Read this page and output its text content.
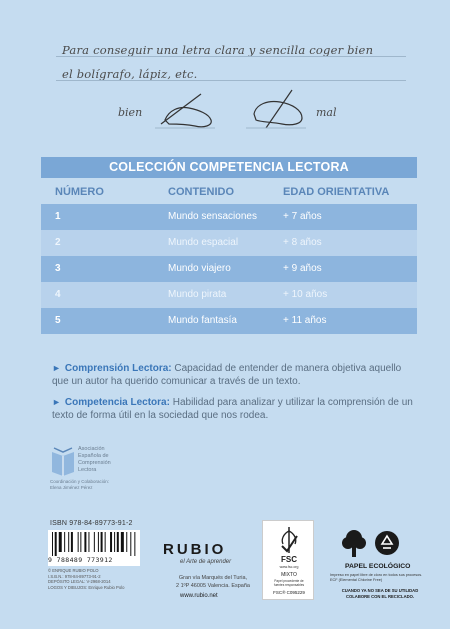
Para conseguir una letra clara y sencilla coger bien
el bolígrafo, lápiz, etc.
bien	mal
COLECCIÓN COMPETENCIA LECTORA
NÚMERO	CONTENIDO	EDAD ORIENTATIVA
1	Mundo sensaciones	+ 7 años
2	Mundo espacial	+ 8 años
3	Mundo viajero	+ 9 años
4	Mundo pirata	+ 10 años
5	Mundo fantasía	+ 11 años
► Comprensión Lectora: Capacidad de entender de manera objetiva aquello que un autor ha querido comunicar a través de un texto.
► Competencia Lectora: Habilidad para analizar y utilizar la comprensión de un texto de forma útil en la sociedad que nos rodea.
Asociación
Española de
Comprensión
Lectora
Coordinación y Colaboración:
Elena Jiménez Pérez
ISBN 978-84-89773-91-2
9 788489 773912
© ENRIQUE RUBIO POLO
I.S.B.N.: 978-84-89773-91-2
DEPÓSITO LEGAL: V-2968-2014
LOGOS Y DIBUJOS: Enrique Rubio Polo
RUBIO
el Arte de aprender
Gran vía Marqués del Turia,
2 1ºP 46005 Valencia. España
www.rubio.net
FSC
www.fsc.org
MIXTO
Papel procedente de
fuentes responsables
FSC® C095229
PAPEL ECOLÓGICO
Impreso en papel libre de cloro en todos sus procesos. ECF (Elemental Chlorine Free)
CUANDO YA NO SEA DE SU UTILIDAD
COLABORE CON EL RECICLADO.
